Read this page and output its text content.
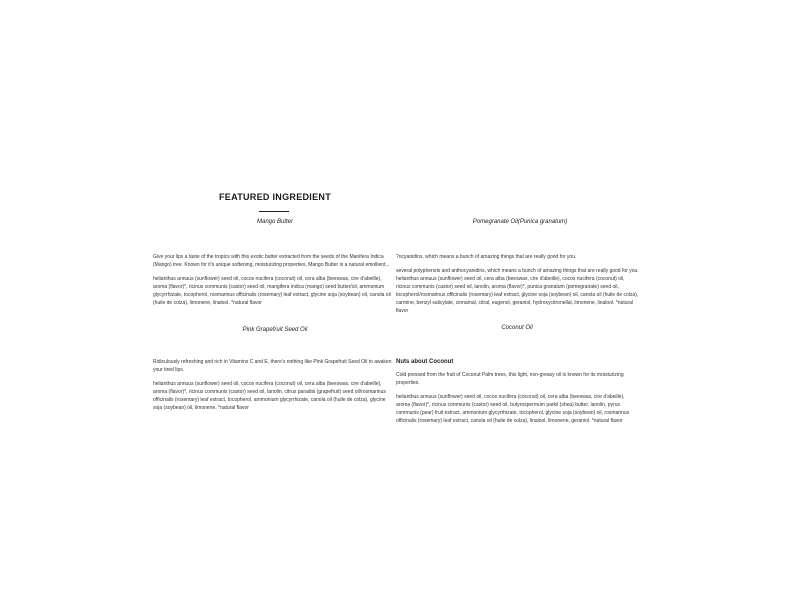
FEATURED INGREDIENT
Mango Butter

Give your lips a taste of the tropics with this exotic butter extracted from the seeds of the Manifera Indica (Mango) tree. Known for it's unique softening, moisturizing properties, Mango Butter is a natural emollient...

helianthus annuus (sunflower) seed oil, cocos nucifera (coconut) oil, cera alba (beeswax, cire d'abeille), aroma (flavor)*, ricinus communis (castor) seed oil, mangifera indica (mango) seed butter/oil, ammonium glycyrrhizate, tocopherol, rosmarinus officinalis (rosemary) leaf extract, glycine soja (soybean) oil, canola oil (huile de colza), limonene, linalool. *natural flavor

Pomegranate Oil(Punica granatum)

?ocyanidins, which means a bunch of amazing things that are really good for you.

several polyphenols and anthocyanidins, which means a bunch of amazing things that are really good for you. helianthus annuus (sunflower) seed oil, cera alba (beeswax, cire d'abeille), cocos nucifera (coconut) oil, ricinus communis (castor) seed oil, lanolin, aroma (flavor)*, punica granatum (pomegranate) seed oil, tocopherol/rosmarinus officinalis (rosemary) leaf extract, glycine soja (soybean) oil, canola oil (huile de colza), carmine, benzyl salicylate, cinnamal, citral, eugenol, geraniol, hydroxycitronellal, limonene, linalool. *natural flavor

Pink Grapefruit Seed Oil

Ridiculously refreshing and rich in Vitamins C and E, there's nothing like Pink Grapefruit Seed Oil to awaken your tired lips.

helianthus annuus (sunflower) seed oil, cocos nucifera (coconut) oil, cera alba (beeswax, cire d'abeille), aroma (flavor)*, ricinus communis (castor) seed oil, lanolin, citrus paradisi (grapefruit) seed oil/rosmarinus officinalis (rosemary) leaf extract, tocopherol, ammonium glycyrrhizate, canola oil (huile de colza), glycine soja (soybean) oil, limonene. *natural flavor

Coconut Oil
Nuts about Coconut

Cold pressed from the fruit of Coconut Palm trees, this light, non-greasy oil is known for its moisturizing properties.

helianthus annuus (sunflower) seed oil, cocos nucifera (coconut) oil, cera alba (beeswax, cire d'abeille), aroma (flavor)*, ricinus communis (castor) seed oil, butyrospermum parkii (shea) butter, lanolin, pyrus communis (pear) fruit extract, ammonium glycyrrhizate, tocopherol, glycine soja (soybean) oil, rosmarinus officinalis (rosemary) leaf extract, canola oil (huile de colza), linalool, limonene, geraniol. *natural flavor
